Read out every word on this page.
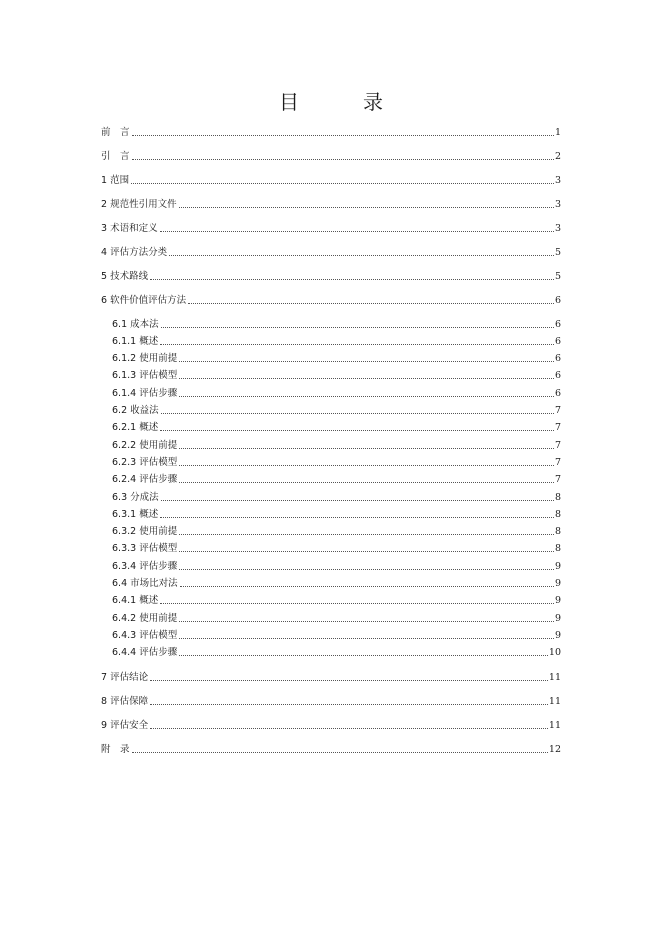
目　录
前　言	1
引　言	2
1 范围	3
2 规范性引用文件	3
3 术语和定义	3
4 评估方法分类	5
5 技术路线	5
6 软件价值评估方法	6
6.1 成本法	6
6.1.1 概述	6
6.1.2 使用前提	6
6.1.3 评估模型	6
6.1.4 评估步骤	6
6.2 收益法	7
6.2.1 概述	7
6.2.2 使用前提	7
6.2.3 评估模型	7
6.2.4 评估步骤	7
6.3 分成法	8
6.3.1 概述	8
6.3.2 使用前提	8
6.3.3 评估模型	8
6.3.4 评估步骤	9
6.4 市场比对法	9
6.4.1 概述	9
6.4.2 使用前提	9
6.4.3 评估模型	9
6.4.4 评估步骤	10
7 评估结论	11
8 评估保障	11
9 评估安全	11
附　录	12
